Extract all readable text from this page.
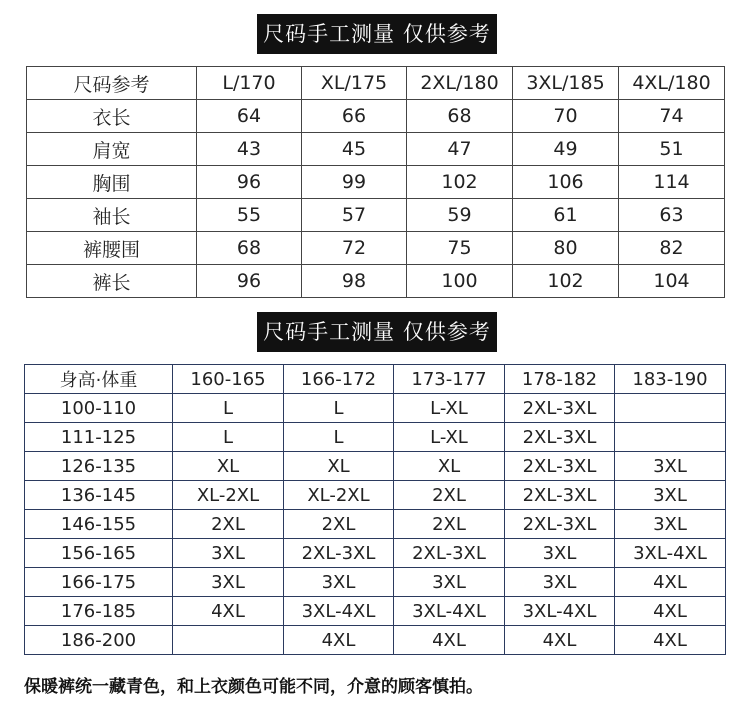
尺码手工测量 仅供参考
尺码参考	L/170	XL/175	2XL/180	3XL/185	4XL/180
衣长	64	66	68	70	74
肩宽	43	45	47	49	51
胸围	96	99	102	106	114
袖长	55	57	59	61	63
裤腰围	68	72	75	80	82
裤长	96	98	100	102	104
尺码手工测量 仅供参考
身高·体重	160-165	166-172	173-177	178-182	183-190
100-110	L	L	L-XL	2XL-3XL	
111-125	L	L	L-XL	2XL-3XL	
126-135	XL	XL	XL	2XL-3XL	3XL
136-145	XL-2XL	XL-2XL	2XL	2XL-3XL	3XL
146-155	2XL	2XL	2XL	2XL-3XL	3XL
156-165	3XL	2XL-3XL	2XL-3XL	3XL	3XL-4XL
166-175	3XL	3XL	3XL	3XL	4XL
176-185	4XL	3XL-4XL	3XL-4XL	3XL-4XL	4XL
186-200		4XL	4XL	4XL	4XL
保暖裤统一藏青色，和上衣颜色可能不同，介意的顾客慎拍。
